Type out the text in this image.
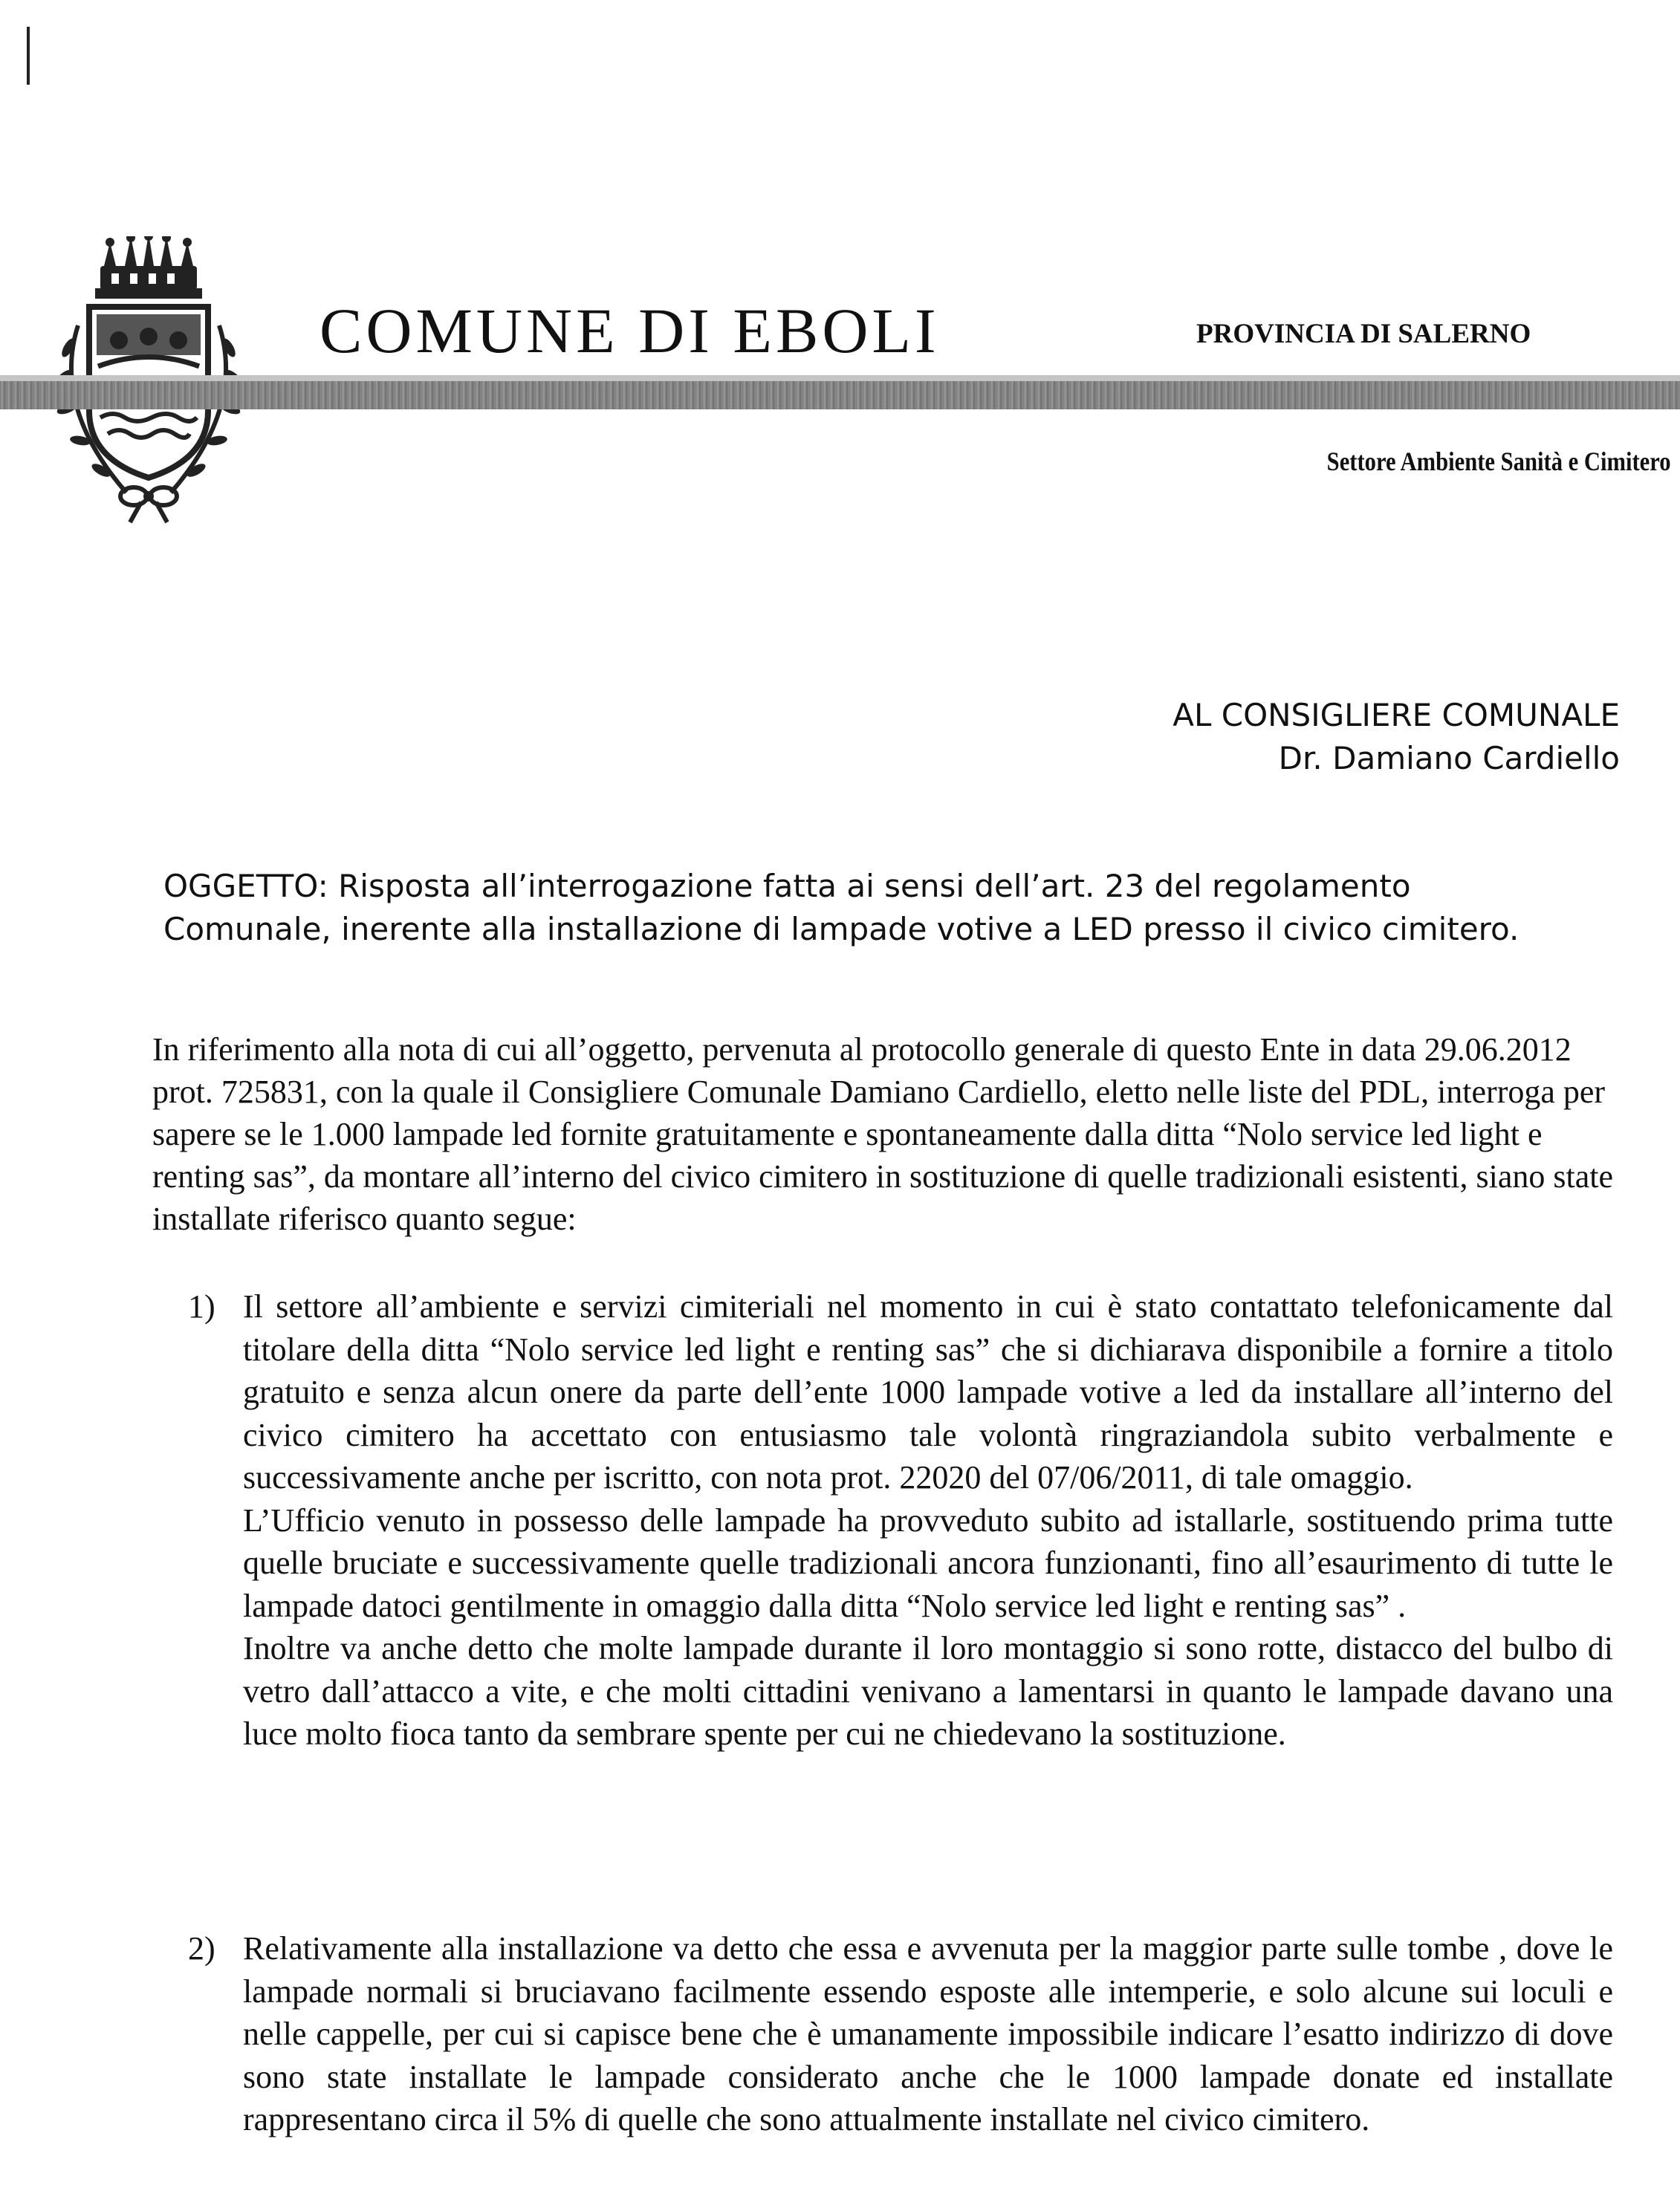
COMUNE DI EBOLI	PROVINCIA DI SALERNO
Settore Ambiente Sanità e Cimitero
AL CONSIGLIERE COMUNALE
Dr. Damiano Cardiello
OGGETTO: Risposta all’interrogazione fatta ai sensi dell’art. 23 del regolamento Comunale, inerente alla installazione di lampade votive a LED presso il civico cimitero.
In riferimento alla nota di cui all’oggetto, pervenuta al protocollo generale di questo Ente in data 29.06.2012 prot. 725831, con la quale il Consigliere Comunale Damiano Cardiello, eletto nelle liste del PDL, interroga per sapere se le 1.000 lampade led fornite gratuitamente e spontaneamente dalla ditta “Nolo service led light e renting sas”, da montare all’interno del civico cimitero in sostituzione di quelle tradizionali esistenti, siano state installate riferisco quanto segue:
1) Il settore all’ambiente e servizi cimiteriali nel momento in cui è stato contattato telefonicamente dal titolare della ditta “Nolo service led light e renting sas” che si dichiarava disponibile a fornire a titolo gratuito e senza alcun onere da parte dell’ente 1000 lampade votive a led da installare all’interno del civico cimitero ha accettato con entusiasmo tale volontà ringraziandola subito verbalmente e successivamente anche per iscritto, con nota prot. 22020 del 07/06/2011, di tale omaggio.

L’Ufficio venuto in possesso delle lampade ha provveduto subito ad istallarle, sostituendo prima tutte quelle bruciate e successivamente quelle tradizionali ancora funzionanti, fino all’esaurimento di tutte le lampade datoci gentilmente in omaggio dalla ditta “Nolo service led light e renting sas” .

Inoltre va anche detto che molte lampade durante il loro montaggio si sono rotte, distacco del bulbo di vetro dall’attacco a vite, e che molti cittadini venivano a lamentarsi in quanto le lampade davano una luce molto fioca tanto da sembrare spente per cui ne chiedevano la sostituzione.

2) Relativamente alla installazione va detto che essa e avvenuta per la maggior parte sulle tombe , dove le lampade normali si bruciavano facilmente essendo esposte alle intemperie, e solo alcune sui loculi e nelle cappelle, per cui si capisce bene che è umanamente impossibile indicare l’esatto indirizzo di dove sono state installate le lampade considerato anche che le 1000 lampade donate ed installate rappresentano circa il 5% di quelle che sono attualmente installate nel civico cimitero.
